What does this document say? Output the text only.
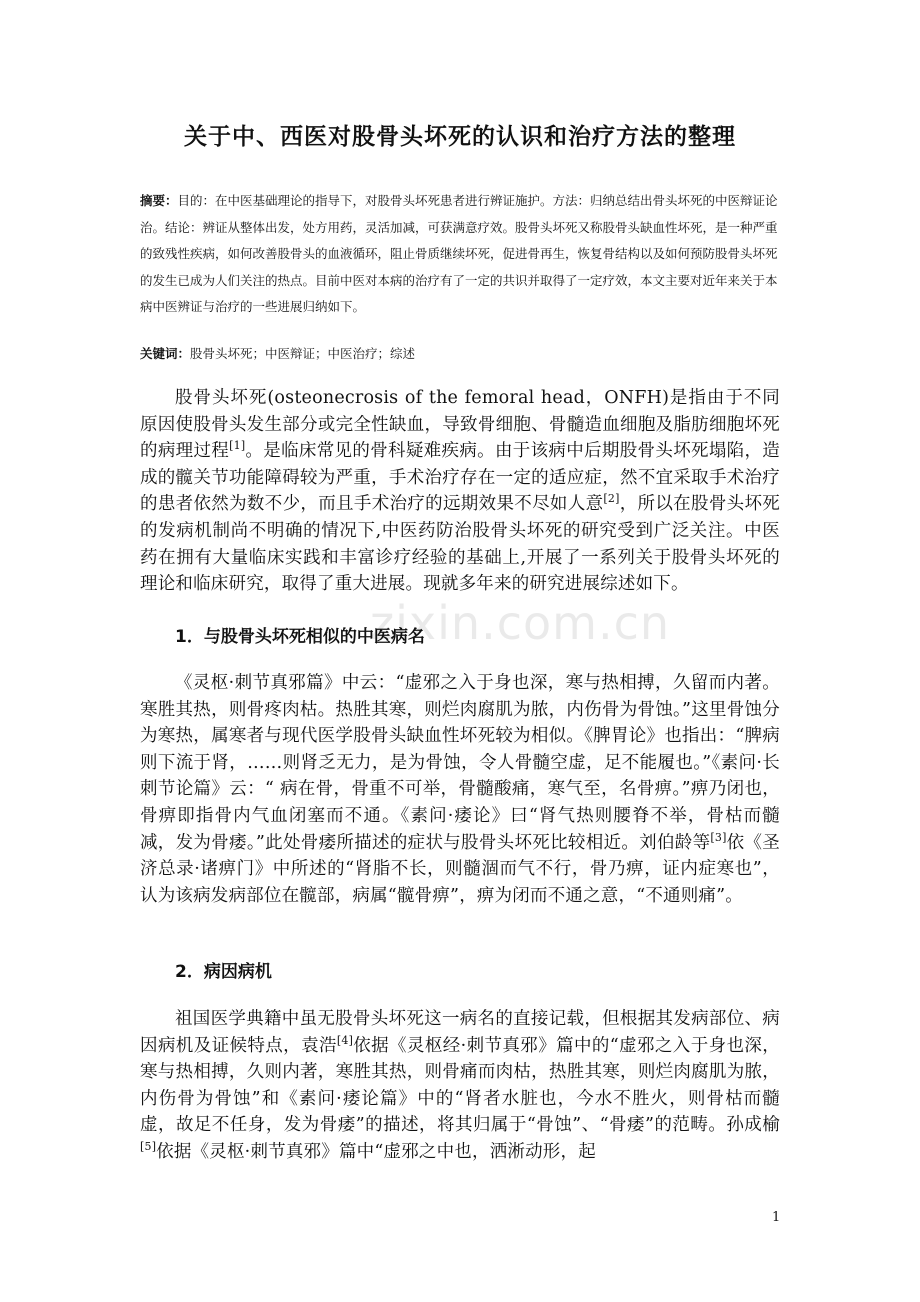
zixin.com.cn
关于中、西医对股骨头坏死的认识和治疗方法的整理
摘要：目的：在中医基础理论的指导下，对股骨头坏死患者进行辨证施护。方法：归纳总结出骨头坏死的中医辩证论治。结论：辨证从整体出发，处方用药，灵活加减，可获满意疗效。股骨头坏死又称股骨头缺血性坏死，是一种严重的致残性疾病，如何改善股骨头的血液循环，阻止骨质继续坏死，促进骨再生，恢复骨结构以及如何预防股骨头坏死的发生已成为人们关注的热点。目前中医对本病的治疗有了一定的共识并取得了一定疗效，本文主要对近年来关于本病中医辨证与治疗的一些进展归纳如下。
关键词：股骨头坏死；中医辩证；中医治疗；综述
股骨头坏死(osteonecrosis of the femoral head，ONFH)是指由于不同原因使股骨头发生部分或完全性缺血，导致骨细胞、骨髓造血细胞及脂肪细胞坏死的病理过程[1]。是临床常见的骨科疑难疾病。由于该病中后期股骨头坏死塌陷，造成的髋关节功能障碍较为严重，手术治疗存在一定的适应症，然不宜采取手术治疗的患者依然为数不少，而且手术治疗的远期效果不尽如人意[2]，所以在股骨头坏死的发病机制尚不明确的情况下,中医药防治股骨头坏死的研究受到广泛关注。中医药在拥有大量临床实践和丰富诊疗经验的基础上,开展了一系列关于股骨头坏死的理论和临床研究，取得了重大进展。现就多年来的研究进展综述如下。
1．与股骨头坏死相似的中医病名
《灵枢·刺节真邪篇》中云：“虚邪之入于身也深，寒与热相搏，久留而内著。寒胜其热，则骨疼肉枯。热胜其寒，则烂肉腐肌为脓，内伤骨为骨蚀。”这里骨蚀分为寒热，属寒者与现代医学股骨头缺血性坏死较为相似。《脾胃论》也指出：“脾病则下流于肾，……则肾乏无力，是为骨蚀，令人骨髓空虚，足不能履也。”《素问·长刺节论篇》云：“ 病在骨，骨重不可举，骨髓酸痛，寒气至，名骨痹。”痹乃闭也，骨痹即指骨内气血闭塞而不通。《素问·痿论》曰“肾气热则腰脊不举，骨枯而髓减，发为骨痿。”此处骨痿所描述的症状与股骨头坏死比较相近。刘伯龄等[3]依《圣济总录·诸痹门》中所述的“肾脂不长，则髓涸而气不行，骨乃痹，证内症寒也”，认为该病发病部位在髋部，病属“髋骨痹”，痹为闭而不通之意，“不通则痛”。
2．病因病机
祖国医学典籍中虽无股骨头坏死这一病名的直接记载，但根据其发病部位、病因病机及证候特点，袁浩[4]依据《灵枢经·刺节真邪》篇中的“虚邪之入于身也深，寒与热相搏，久则内著，寒胜其热，则骨痛而肉枯，热胜其寒，则烂肉腐肌为脓，内伤骨为骨蚀”和《素问·痿论篇》中的“肾者水脏也，今水不胜火，则骨枯而髓虚，故足不任身，发为骨痿”的描述，将其归属于“骨蚀”、“骨痿”的范畴。孙成榆[5]依据《灵枢·刺节真邪》篇中“虚邪之中也，洒淅动形，起
1
